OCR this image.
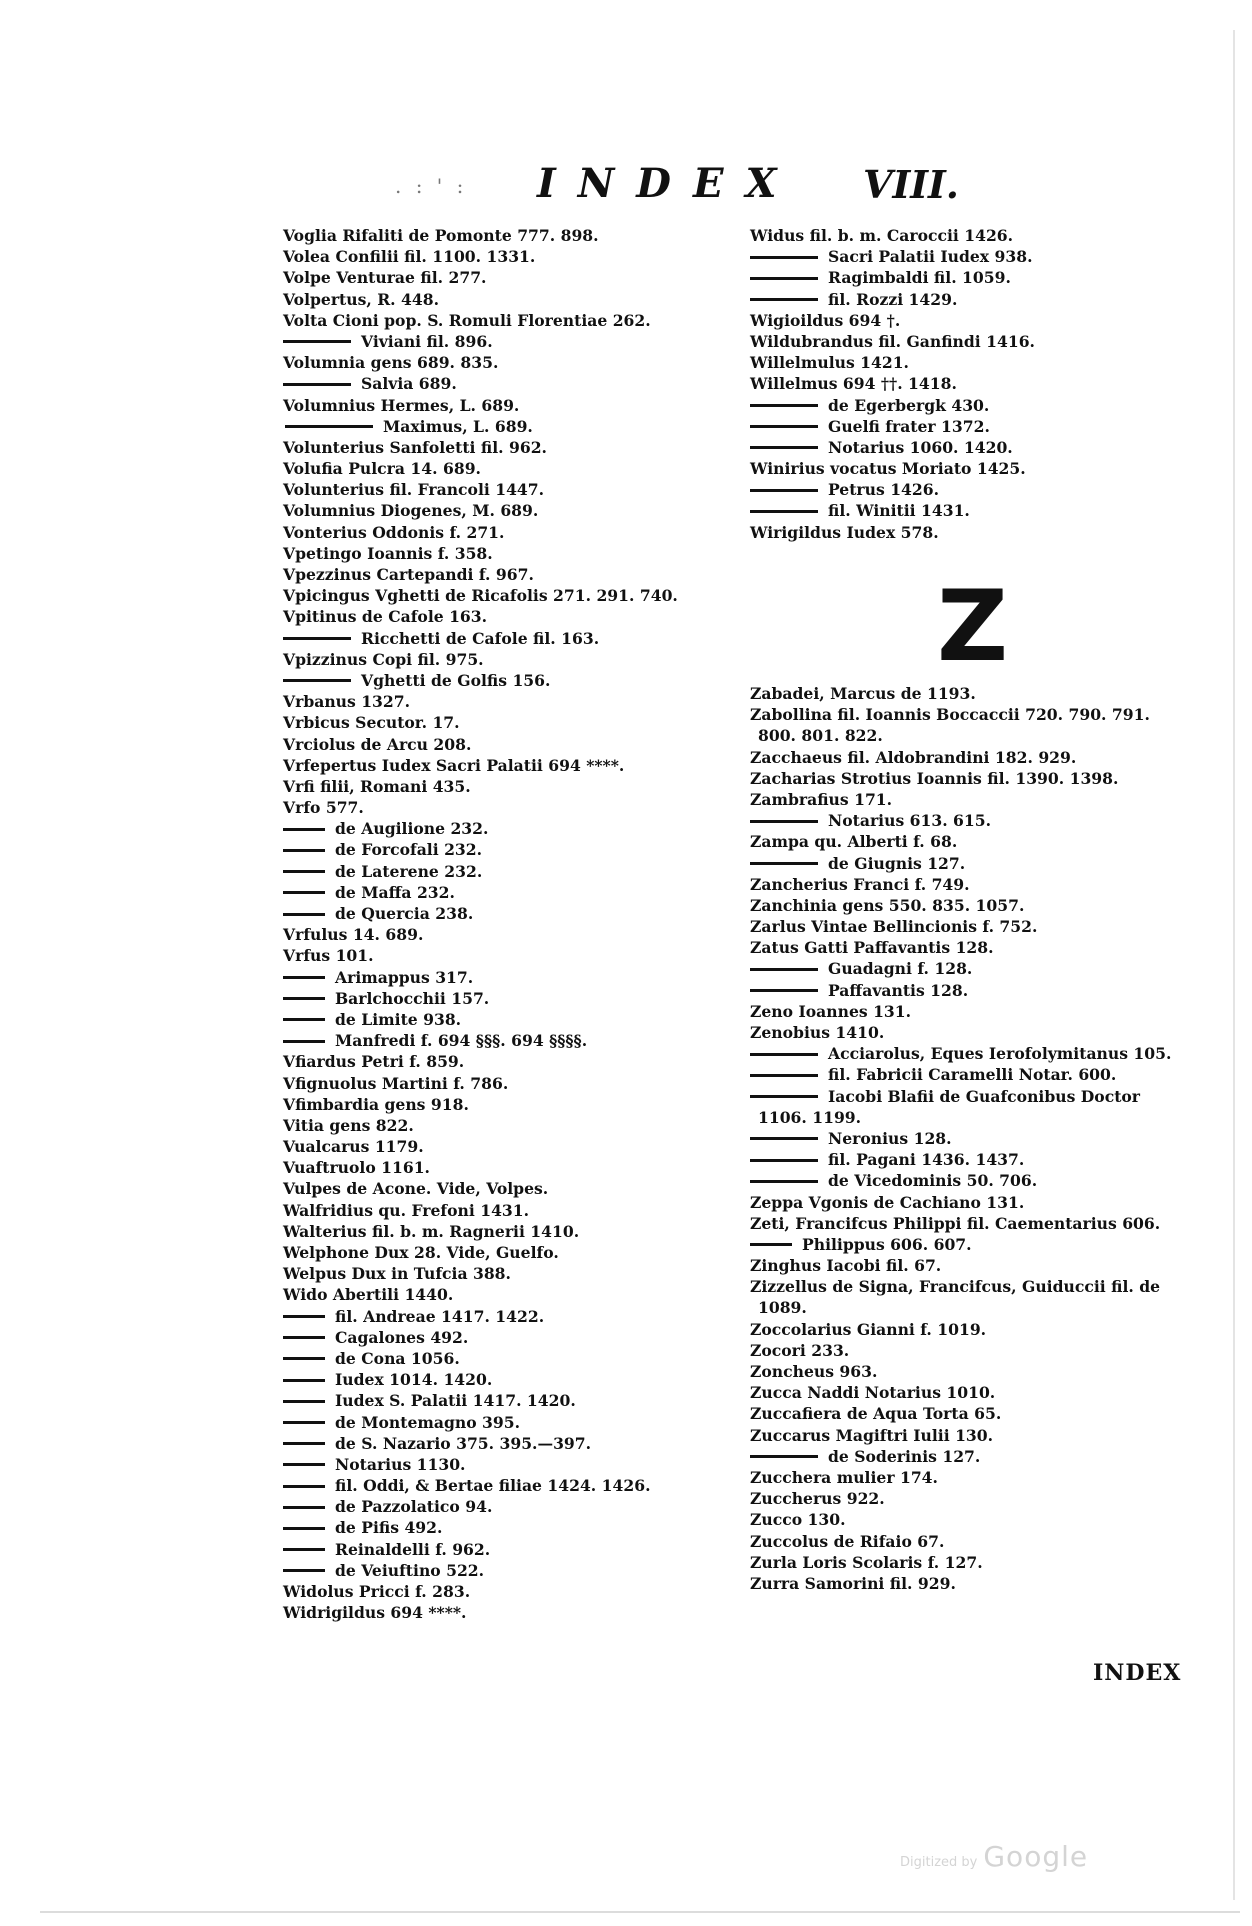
. : ' : INDEX VIII.
Voglia Rifaliti de Pomonte 777. 898.
Volea Confilii fil. 1100. 1331.
Volpe Venturae fil. 277.
Volpertus, R. 448.
Volta Cioni pop. S. Romuli Florentiae 262.
Viviani fil. 896.
Volumnia gens 689. 835.
Salvia 689.
Volumnius Hermes, L. 689.
Maximus, L. 689.
Volunterius Sanfoletti fil. 962.
Volufia Pulcra 14. 689.
Volunterius fil. Francoli 1447.
Volumnius Diogenes, M. 689.
Vonterius Oddonis f. 271.
Vpetingo Ioannis f. 358.
Vpezzinus Cartepandi f. 967.
Vpicingus Vghetti de Ricafolis 271. 291. 740.
Vpitinus de Cafole 163.
Ricchetti de Cafole fil. 163.
Vpizzinus Copi fil. 975.
Vghetti de Golfis 156.
Vrbanus 1327.
Vrbicus Secutor. 17.
Vrciolus de Arcu 208.
Vrfepertus Iudex Sacri Palatii 694 ****.
Vrfi filii, Romani 435.
Vrfo 577.
de Augilione 232.
de Forcofali 232.
de Laterene 232.
de Maffa 232.
de Quercia 238.
Vrfulus 14. 689.
Vrfus 101.
Arimappus 317.
Barlchocchii 157.
de Limite 938.
Manfredi f. 694 §§§. 694 §§§§.
Vfiardus Petri f. 859.
Vfignuolus Martini f. 786.
Vfimbardia gens 918.
Vitia gens 822.
Vualcarus 1179.
Vuaftruolo 1161.
Vulpes de Acone. Vide, Volpes.
Walfridius qu. Frefoni 1431.
Walterius fil. b. m. Ragnerii 1410.
Welphone Dux 28. Vide, Guelfo.
Welpus Dux in Tufcia 388.
Wido Abertili 1440.
fil. Andreae 1417. 1422.
Cagalones 492.
de Cona 1056.
Iudex 1014. 1420.
Iudex S. Palatii 1417. 1420.
de Montemagno 395.
de S. Nazario 375. 395.—397.
Notarius 1130.
fil. Oddi, & Bertae filiae 1424. 1426.
de Pazzolatico 94.
de Pifis 492.
Reinaldelli f. 962.
de Veiuftino 522.
Widolus Pricci f. 283.
Widrigildus 694 ****.
Widus fil. b. m. Caroccii 1426.
Sacri Palatii Iudex 938.
Ragimbaldi fil. 1059.
fil. Rozzi 1429.
Wigioildus 694 †.
Wildubrandus fil. Ganfindi 1416.
Willelmulus 1421.
Willelmus 694 ††. 1418.
de Egerbergk 430.
Guelfi frater 1372.
Notarius 1060. 1420.
Winirius vocatus Moriato 1425.
Petrus 1426.
fil. Winitii 1431.
Wirigildus Iudex 578.
Z
Zabadei, Marcus de 1193.
Zabollina fil. Ioannis Boccaccii 720. 790. 791.
800. 801. 822.
Zacchaeus fil. Aldobrandini 182. 929.
Zacharias Strotius Ioannis fil. 1390. 1398.
Zambrafius 171.
Notarius 613. 615.
Zampa qu. Alberti f. 68.
de Giugnis 127.
Zancherius Franci f. 749.
Zanchinia gens 550. 835. 1057.
Zarlus Vintae Bellincionis f. 752.
Zatus Gatti Paffavantis 128.
Guadagni f. 128.
Paffavantis 128.
Zeno Ioannes 131.
Zenobius 1410.
Acciarolus, Eques Ierofolymitanus 105.
fil. Fabricii Caramelli Notar. 600.
Iacobi Blafii de Guafconibus Doctor
1106. 1199.
Neronius 128.
fil. Pagani 1436. 1437.
de Vicedominis 50. 706.
Zeppa Vgonis de Cachiano 131.
Zeti, Francifcus Philippi fil. Caementarius 606.
Philippus 606. 607.
Zinghus Iacobi fil. 67.
Zizzellus de Signa, Francifcus, Guiduccii fil. de
1089.
Zoccolarius Gianni f. 1019.
Zocori 233.
Zoncheus 963.
Zucca Naddi Notarius 1010.
Zuccafiera de Aqua Torta 65.
Zuccarus Magiftri Iulii 130.
de Soderinis 127.
Zucchera mulier 174.
Zuccherus 922.
Zucco 130.
Zuccolus de Rifaio 67.
Zurla Loris Scolaris f. 127.
Zurra Samorini fil. 929.
INDEX
Digitized by Google
